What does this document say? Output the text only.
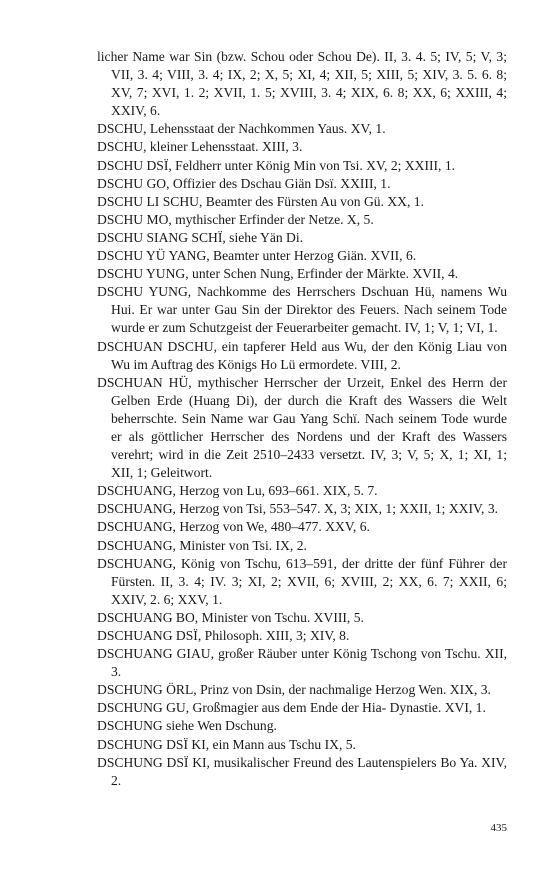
licher Name war Sin (bzw. Schou oder Schou De). II, 3. 4. 5; IV, 5; V, 3; VII, 3. 4; VIII, 3. 4; IX, 2; X, 5; XI, 4; XII, 5; XIII, 5; XIV, 3. 5. 6. 8; XV, 7; XVI, 1. 2; XVII, 1. 5; XVIII, 3. 4; XIX, 6. 8; XX, 6; XXIII, 4; XXIV, 6.
DSCHU, Lehensstaat der Nachkommen Yaus. XV, 1.
DSCHU, kleiner Lehensstaat. XIII, 3.
DSCHU DSÏ, Feldherr unter König Min von Tsi. XV, 2; XXIII, 1.
DSCHU GO, Offizier des Dschau Giän Dsï. XXIII, 1.
DSCHU LI SCHU, Beamter des Fürsten Au von Gü. XX, 1.
DSCHU MO, mythischer Erfinder der Netze. X, 5.
DSCHU SIANG SCHÏ, siehe Yän Di.
DSCHU YÜ YANG, Beamter unter Herzog Giän. XVII, 6.
DSCHU YUNG, unter Schen Nung, Erfinder der Märkte. XVII, 4.
DSCHU YUNG, Nachkomme des Herrschers Dschuan Hü, namens Wu Hui. Er war unter Gau Sin der Direktor des Feuers. Nach seinem Tode wurde er zum Schutzgeist der Feuerarbeiter gemacht. IV, 1; V, 1; VI, 1.
DSCHUAN DSCHU, ein tapferer Held aus Wu, der den König Liau von Wu im Auftrag des Königs Ho Lü ermordete. VIII, 2.
DSCHUAN HÜ, mythischer Herrscher der Urzeit, Enkel des Herrn der Gelben Erde (Huang Di), der durch die Kraft des Wassers die Welt beherrschte. Sein Name war Gau Yang Schï. Nach seinem Tode wurde er als göttlicher Herrscher des Nordens und der Kraft des Wassers verehrt; wird in die Zeit 2510–2433 versetzt. IV, 3; V, 5; X, 1; XI, 1; XII, 1; Geleitwort.
DSCHUANG, Herzog von Lu, 693–661. XIX, 5. 7.
DSCHUANG, Herzog von Tsi, 553–547. X, 3; XIX, 1; XXII, 1; XXIV, 3.
DSCHUANG, Herzog von We, 480–477. XXV, 6.
DSCHUANG, Minister von Tsi. IX, 2.
DSCHUANG, König von Tschu, 613–591, der dritte der fünf Führer der Fürsten. II, 3. 4; IV. 3; XI, 2; XVII, 6; XVIII, 2; XX, 6. 7; XXII, 6; XXIV, 2. 6; XXV, 1.
DSCHUANG BO, Minister von Tschu. XVIII, 5.
DSCHUANG DSÏ, Philosoph. XIII, 3; XIV, 8.
DSCHUANG GIAU, großer Räuber unter König Tschong von Tschu. XII, 3.
DSCHUNG ÖRL, Prinz von Dsin, der nachmalige Herzog Wen. XIX, 3.
DSCHUNG GU, Großmagier aus dem Ende der Hia- Dynastie. XVI, 1.
DSCHUNG siehe Wen Dschung.
DSCHUNG DSÏ KI, ein Mann aus Tschu IX, 5.
DSCHUNG DSÏ KI, musikalischer Freund des Lautenspielers Bo Ya. XIV, 2.
435
